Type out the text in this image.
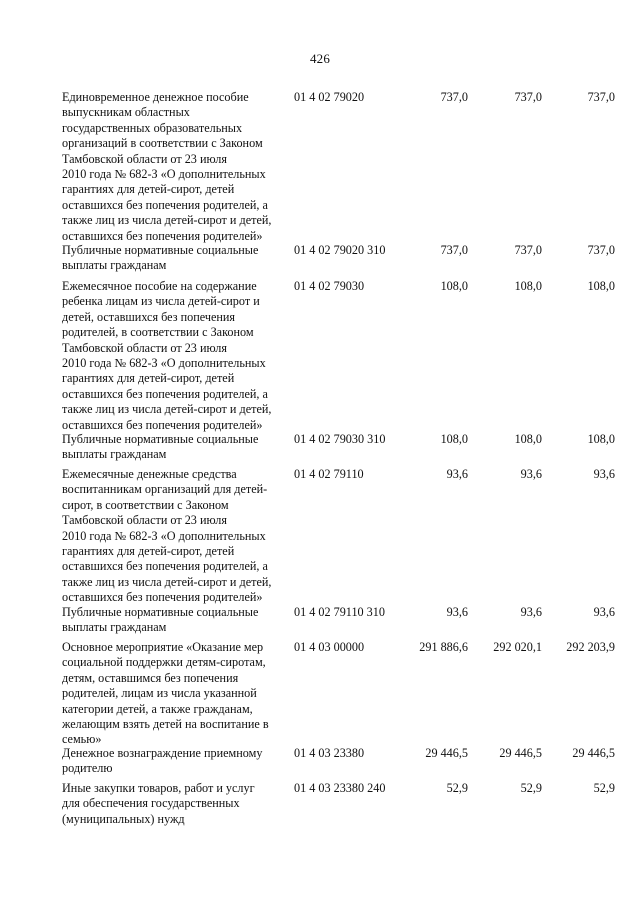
426
Единовременное денежное пособие
выпускникам областных
государственных образовательных
организаций в соответствии с Законом
Тамбовской области от 23 июля
2010 года № 682-З «О дополнительных
гарантиях для детей-сирот, детей
оставшихся без попечения родителей, а
также лиц из числа детей-сирот и детей,
оставшихся без попечения родителей»
01 4 02 79020	737,0	737,0	737,0
Публичные нормативные социальные
выплаты гражданам
01 4 02 79020 310	737,0	737,0	737,0
Ежемесячное пособие на содержание
ребенка лицам из числа детей-сирот и
детей, оставшихся без попечения
родителей, в соответствии с Законом
Тамбовской области от 23 июля
2010 года № 682-З «О дополнительных
гарантиях для детей-сирот, детей
оставшихся без попечения родителей, а
также лиц из числа детей-сирот и детей,
оставшихся без попечения родителей»
01 4 02 79030	108,0	108,0	108,0
Публичные нормативные социальные
выплаты гражданам
01 4 02 79030 310	108,0	108,0	108,0
Ежемесячные денежные средства
воспитанникам организаций для детей-
сирот, в соответствии с Законом
Тамбовской области от 23 июля
2010 года № 682-З «О дополнительных
гарантиях для детей-сирот, детей
оставшихся без попечения родителей, а
также лиц из числа детей-сирот и детей,
оставшихся без попечения родителей»
01 4 02 79110	93,6	93,6	93,6
Публичные нормативные социальные
выплаты гражданам
01 4 02 79110 310	93,6	93,6	93,6
Основное мероприятие «Оказание мер
социальной поддержки детям-сиротам,
детям, оставшимся без попечения
родителей, лицам из числа указанной
категории детей, а также гражданам,
желающим взять детей на воспитание в
семью»
01 4 03 00000	291 886,6	292 020,1	292 203,9
Денежное вознаграждение приемному
родителю
01 4 03 23380	29 446,5	29 446,5	29 446,5
Иные закупки товаров, работ и услуг
для обеспечения государственных
(муниципальных) нужд
01 4 03 23380 240	52,9	52,9	52,9
